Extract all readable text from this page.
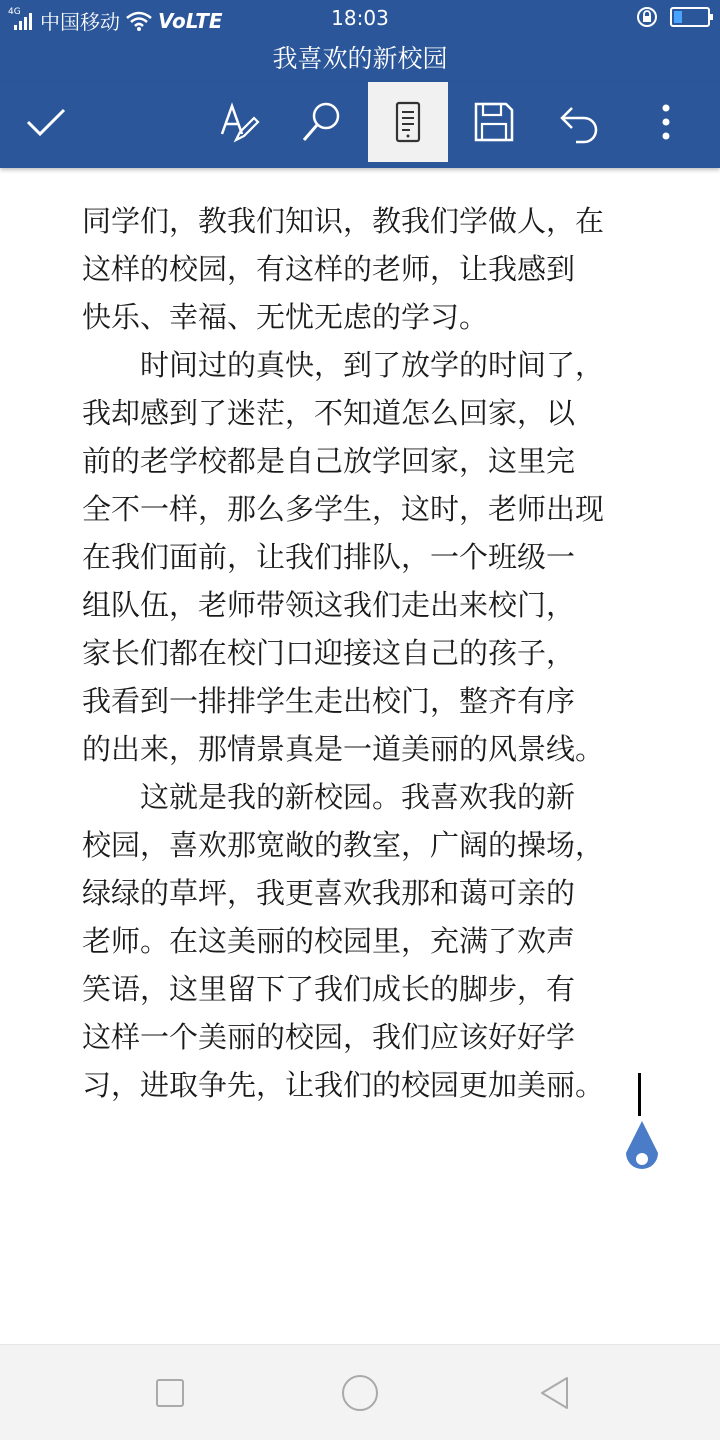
4G 中国移动 VoLTE	18:03
我喜欢的新校园

同学们，教我们知识，教我们学做人，在

这样的校园，有这样的老师，让我感到

快乐、幸福、无忧无虑的学习。

　　时间过的真快，到了放学的时间了，

我却感到了迷茫，不知道怎么回家，以

前的老学校都是自己放学回家，这里完

全不一样，那么多学生，这时，老师出现

在我们面前，让我们排队，一个班级一

组队伍，老师带领这我们走出来校门，

家长们都在校门口迎接这自己的孩子，

我看到一排排学生走出校门，整齐有序

的出来，那情景真是一道美丽的风景线。

　　这就是我的新校园。我喜欢我的新

校园，喜欢那宽敞的教室，广阔的操场，

绿绿的草坪，我更喜欢我那和蔼可亲的

老师。在这美丽的校园里，充满了欢声

笑语，这里留下了我们成长的脚步，有

这样一个美丽的校园，我们应该好好学

习，进取争先，让我们的校园更加美丽。
